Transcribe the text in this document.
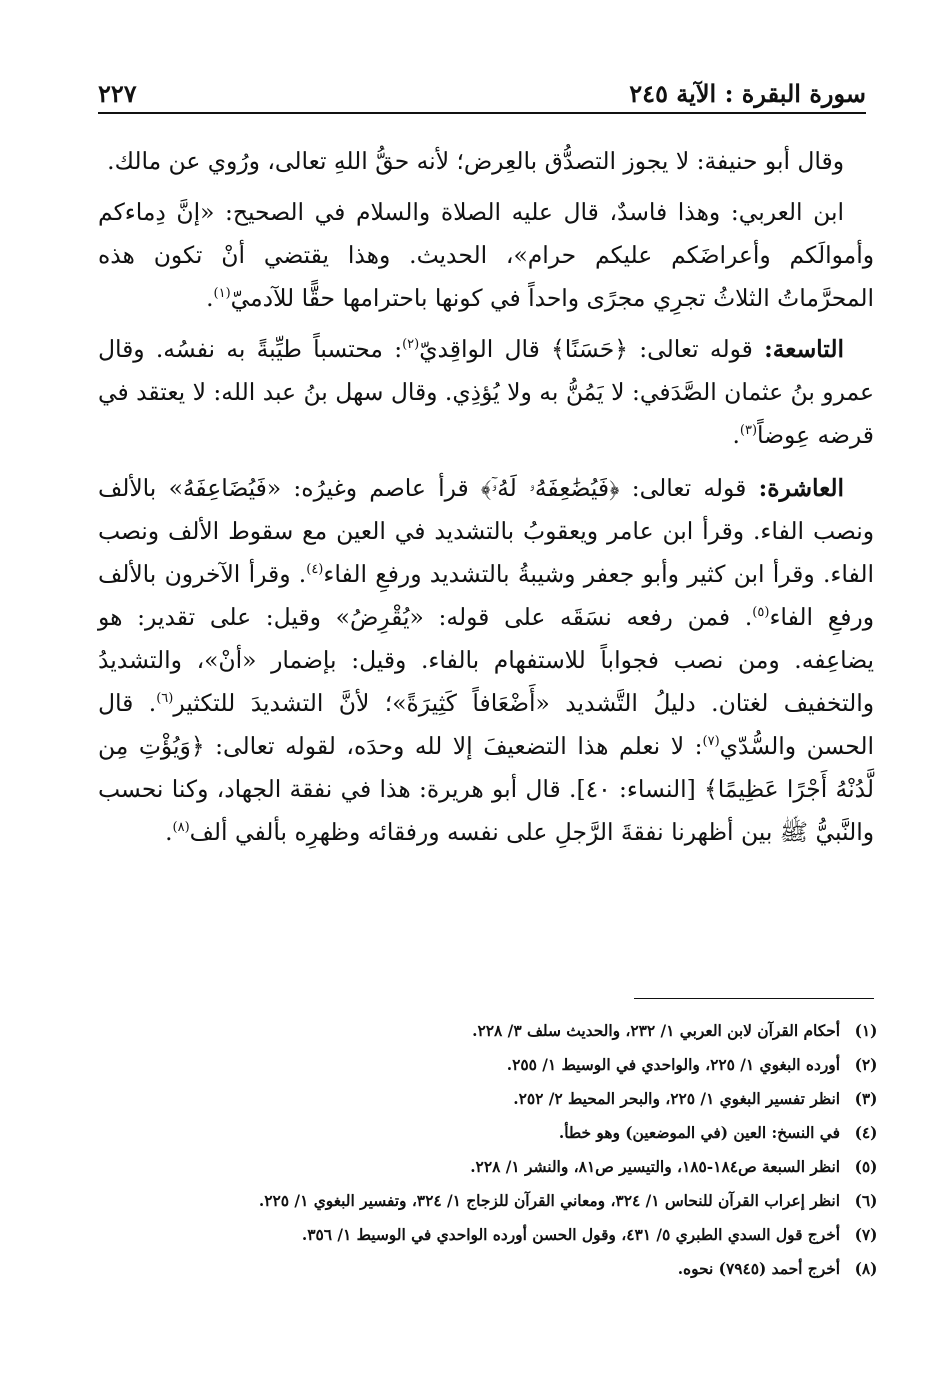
سورة البقرة : الآية ٢٤٥
٢٢٧

وقال أبو حنيفة: لا يجوز التصدُّق بالعِرض؛ لأنه حقُّ اللهِ تعالى، ورُوي عن مالك.

ابن العربي: وهذا فاسدٌ، قال عليه الصلاة والسلام في الصحيح: «إنَّ دِماءكم وأموالَكم وأعراضَكم عليكم حرام»، الحديث. وهذا يقتضي أنْ تكون هذه المحرَّماتُ الثلاثُ تجرِي مجرًى واحداً في كونها باحترامها حقًّا للآدميّ$^{(١)}$.

التاسعة: قوله تعالى: ﴿حَسَنًا﴾ قال الواقِديّ$^{(٢)}$: محتسباً طيِّبةً به نفسُه. وقال عمرو بنُ عثمان الصَّدَفي: لا يَمُنُّ به ولا يُؤذِي. وقال سهل بنُ عبد الله: لا يعتقد في قرضه عِوضاً$^{(٣)}$.

العاشرة: قوله تعالى: ﴿فَيُضَٰعِفَهُۥ لَهُۥٓ﴾ قرأ عاصم وغيرُه: «فَيُضَاعِفَهُ» بالألف ونصب الفاء. وقرأ ابن عامر ويعقوبُ بالتشديد في العين مع سقوط الألف ونصب الفاء. وقرأ ابن كثير وأبو جعفر وشيبةُ بالتشديد ورفعِ الفاء$^{(٤)}$. وقرأ الآخرون بالألف ورفعِ الفاء$^{(٥)}$. فمن رفعه نسَقَه على قوله: «يُقْرِضُ» وقيل: على تقدير: هو يضاعِفه. ومن نصب فجواباً للاستفهام بالفاء. وقيل: بإضمار «أنْ»، والتشديدُ والتخفيف لغتان. دليلُ التَّشديد «أَضْعَافاً كَثِيرَةً»؛ لأنَّ التشديدَ للتكثير$^{(٦)}$. قال الحسن والسُّدّي$^{(٧)}$: لا نعلم هذا التضعيفَ إلا لله وحدَه، لقوله تعالى: ﴿وَيُؤْتِ مِن لَّدُنْهُ أَجْرًا عَظِيمًا﴾ [النساء: ٤٠]. قال أبو هريرة: هذا في نفقة الجهاد، وكنا نحسب والنَّبيُّ ﷺ بين أظهرنا نفقةَ الرَّجلِ على نفسه ورفقائه وظهرِه بألفي ألف$^{(٨)}$.

(١)
أحكام القرآن لابن العربي ١/ ٢٣٢، والحديث سلف ٣/ ٢٢٨.
(٢)
أورده البغوي ١/ ٢٢٥، والواحدي في الوسيط ١/ ٢٥٥.
(٣)
انظر تفسير البغوي ١/ ٢٢٥، والبحر المحيط ٢/ ٢٥٢.
(٤)
في النسخ: العين (في الموضعين) وهو خطأ.
(٥)
انظر السبعة ص١٨٤-١٨٥، والتيسير ص٨١، والنشر ١/ ٢٢٨.
(٦)
انظر إعراب القرآن للنحاس ١/ ٣٢٤، ومعاني القرآن للزجاج ١/ ٣٢٤، وتفسير البغوي ١/ ٢٢٥.
(٧)
أخرج قول السدي الطبري ٥/ ٤٣١، وقول الحسن أورده الواحدي في الوسيط ١/ ٣٥٦.
(٨)
أخرج أحمد (٧٩٤٥) نحوه.
